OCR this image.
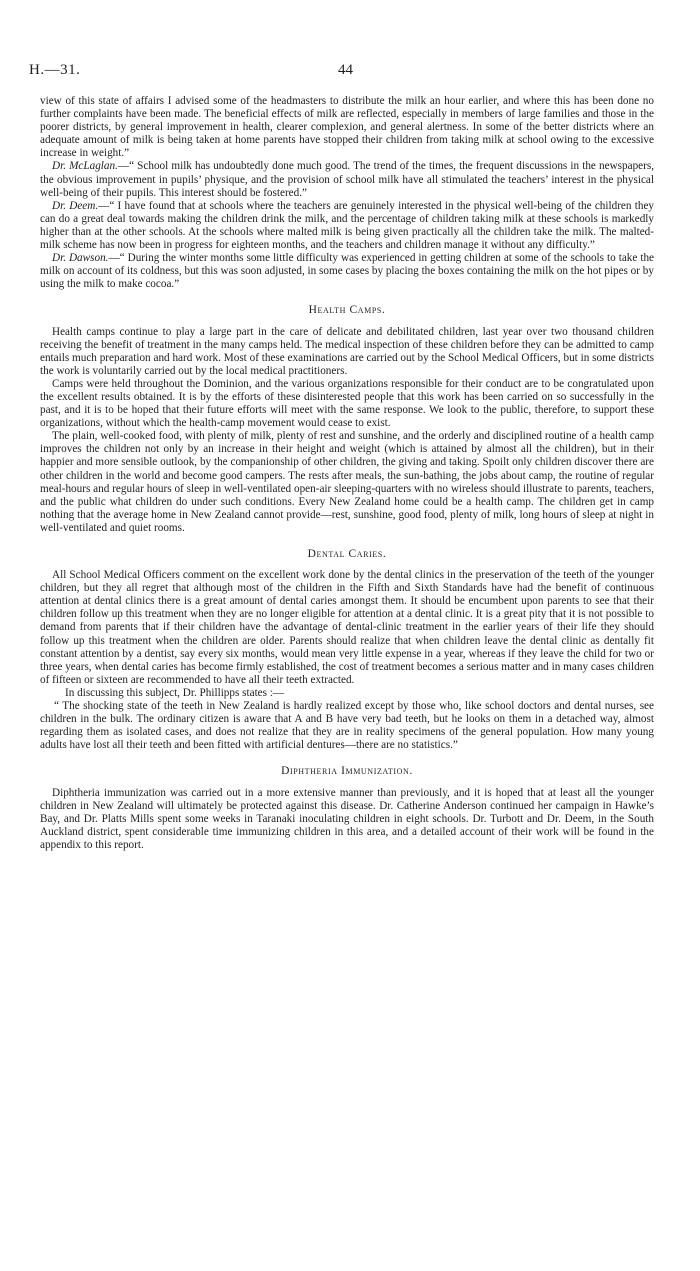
H.—31.	44

view of this state of affairs I advised some of the headmasters to distribute the milk an hour earlier, and where this has been done no further complaints have been made. The beneficial effects of milk are reflected, especially in members of large families and those in the poorer districts, by general improvement in health, clearer complexion, and general alertness. In some of the better districts where an adequate amount of milk is being taken at home parents have stopped their children from taking milk at school owing to the excessive increase in weight.”

Dr. McLaglan.—“ School milk has undoubtedly done much good. The trend of the times, the frequent discussions in the newspapers, the obvious improvement in pupils’ physique, and the provision of school milk have all stimulated the teachers’ interest in the physical well-being of their pupils. This interest should be fostered.”

Dr. Deem.—“ I have found that at schools where the teachers are genuinely interested in the physical well-being of the children they can do a great deal towards making the children drink the milk, and the percentage of children taking milk at these schools is markedly higher than at the other schools. At the schools where malted milk is being given practically all the children take the milk. The malted-milk scheme has now been in progress for eighteen months, and the teachers and children manage it without any difficulty.”

Dr. Dawson.—“ During the winter months some little difficulty was experienced in getting children at some of the schools to take the milk on account of its coldness, but this was soon adjusted, in some cases by placing the boxes containing the milk on the hot pipes or by using the milk to make cocoa.”

Health Camps.

Health camps continue to play a large part in the care of delicate and debilitated children, last year over two thousand children receiving the benefit of treatment in the many camps held. The medical inspection of these children before they can be admitted to camp entails much preparation and hard work. Most of these examinations are carried out by the School Medical Officers, but in some districts the work is voluntarily carried out by the local medical practitioners.

Camps were held throughout the Dominion, and the various organizations responsible for their conduct are to be congratulated upon the excellent results obtained. It is by the efforts of these disinterested people that this work has been carried on so successfully in the past, and it is to be hoped that their future efforts will meet with the same response. We look to the public, therefore, to support these organizations, without which the health-camp movement would cease to exist.

The plain, well-cooked food, with plenty of milk, plenty of rest and sunshine, and the orderly and disciplined routine of a health camp improves the children not only by an increase in their height and weight (which is attained by almost all the children), but in their happier and more sensible outlook, by the companionship of other children, the giving and taking. Spoilt only children discover there are other children in the world and become good campers. The rests after meals, the sun-bathing, the jobs about camp, the routine of regular meal-hours and regular hours of sleep in well-ventilated open-air sleeping-quarters with no wireless should illustrate to parents, teachers, and the public what children do under such conditions. Every New Zealand home could be a health camp. The children get in camp nothing that the average home in New Zealand cannot provide—rest, sunshine, good food, plenty of milk, long hours of sleep at night in well-ventilated and quiet rooms.

Dental Caries.

All School Medical Officers comment on the excellent work done by the dental clinics in the preservation of the teeth of the younger children, but they all regret that although most of the children in the Fifth and Sixth Standards have had the benefit of continuous attention at dental clinics there is a great amount of dental caries amongst them. It should be encumbent upon parents to see that their children follow up this treatment when they are no longer eligible for attention at a dental clinic. It is a great pity that it is not possible to demand from parents that if their children have the advantage of dental-clinic treatment in the earlier years of their life they should follow up this treatment when the children are older. Parents should realize that when children leave the dental clinic as dentally fit constant attention by a dentist, say every six months, would mean very little expense in a year, whereas if they leave the child for two or three years, when dental caries has become firmly established, the cost of treatment becomes a serious matter and in many cases children of fifteen or sixteen are recommended to have all their teeth extracted.

In discussing this subject, Dr. Phillipps states :—

“ The shocking state of the teeth in New Zealand is hardly realized except by those who, like school doctors and dental nurses, see children in the bulk. The ordinary citizen is aware that A and B have very bad teeth, but he looks on them in a detached way, almost regarding them as isolated cases, and does not realize that they are in reality specimens of the general population. How many young adults have lost all their teeth and been fitted with artificial dentures—there are no statistics.”

Diphtheria Immunization.

Diphtheria immunization was carried out in a more extensive manner than previously, and it is hoped that at least all the younger children in New Zealand will ultimately be protected against this disease. Dr. Catherine Anderson continued her campaign in Hawke’s Bay, and Dr. Platts Mills spent some weeks in Taranaki inoculating children in eight schools. Dr. Turbott and Dr. Deem, in the South Auckland district, spent considerable time immunizing children in this area, and a detailed account of their work will be found in the appendix to this report.
